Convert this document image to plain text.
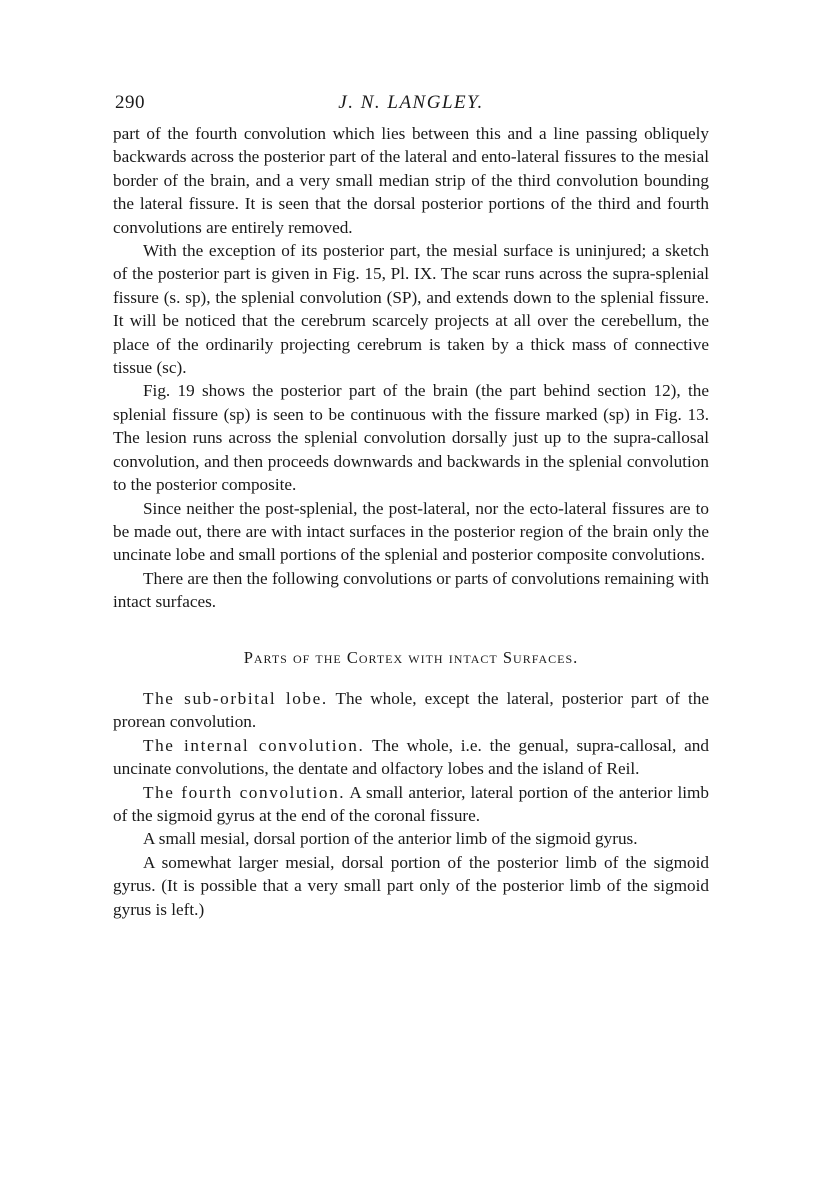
290	J. N. LANGLEY.

part of the fourth convolution which lies between this and a line passing obliquely backwards across the posterior part of the lateral and ento-lateral fissures to the mesial border of the brain, and a very small median strip of the third convolution bounding the lateral fissure. It is seen that the dorsal posterior portions of the third and fourth convolutions are entirely removed.

With the exception of its posterior part, the mesial surface is uninjured; a sketch of the posterior part is given in Fig. 15, Pl. IX. The scar runs across the supra-splenial fissure (s. sp), the splenial convolution (SP), and extends down to the splenial fissure. It will be noticed that the cerebrum scarcely projects at all over the cerebellum, the place of the ordinarily projecting cerebrum is taken by a thick mass of connective tissue (sc).

Fig. 19 shows the posterior part of the brain (the part behind section 12), the splenial fissure (sp) is seen to be continuous with the fissure marked (sp) in Fig. 13. The lesion runs across the splenial convolution dorsally just up to the supra-callosal convolution, and then proceeds downwards and backwards in the splenial convolution to the posterior composite.

Since neither the post-splenial, the post-lateral, nor the ecto-lateral fissures are to be made out, there are with intact surfaces in the posterior region of the brain only the uncinate lobe and small portions of the splenial and posterior composite convolutions.

There are then the following convolutions or parts of convolutions remaining with intact surfaces.

Parts of the Cortex with intact Surfaces.

The sub-orbital lobe. The whole, except the lateral, posterior part of the prorean convolution.

The internal convolution. The whole, i.e. the genual, supra-callosal, and uncinate convolutions, the dentate and olfactory lobes and the island of Reil.

The fourth convolution. A small anterior, lateral portion of the anterior limb of the sigmoid gyrus at the end of the coronal fissure.

A small mesial, dorsal portion of the anterior limb of the sigmoid gyrus.

A somewhat larger mesial, dorsal portion of the posterior limb of the sigmoid gyrus. (It is possible that a very small part only of the posterior limb of the sigmoid gyrus is left.)
